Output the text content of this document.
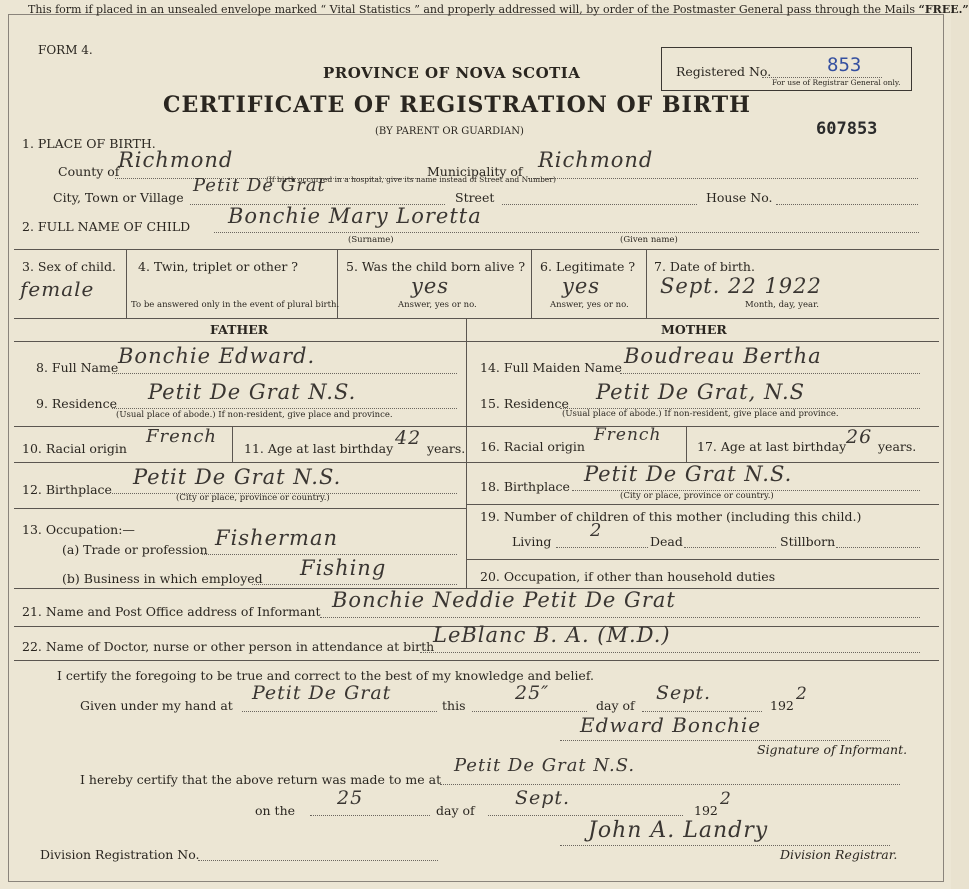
This form if placed in an unsealed envelope marked “ Vital Statistics ” and properly addressed will, by order of the Postmaster General pass through the Mails “FREE.”
FORM 4.
PROVINCE OF NOVA SCOTIA
CERTIFICATE OF REGISTRATION OF BIRTH
(BY PARENT OR GUARDIAN)
Registered No.	853
For use of Registrar General only.
607853
1. PLACE OF BIRTH.
County of
Richmond	Municipality of Richmond
City, Town or Village
Petit De Grat
(If birth occurred in a hospital, give its name instead of Street and Number)
Street	House No.
2. FULL NAME OF CHILD Bonchie Mary Loretta
(Surname)	(Given name)
3. Sex of child.
female
4. Twin, triplet or other ?
To be answered only in the event of plural birth.
5. Was the child born alive ?
yes
Answer, yes or no.
6. Legitimate ?
yes
Answer, yes or no.
7. Date of birth.
Sept. 22 1922
Month, day, year.
FATHER	MOTHER
8. Full Name Bonchie Edward.
9. Residence Petit De Grat N.S.
(Usual place of abode.) If non-resident, give place and province.
10. Racial origin
French
11. Age at last birthday 42 years.
12. Birthplace
Petit De Grat N.S.
(City or place, province or country.)
13. Occupation:—
(a) Trade or profession Fisherman
(b) Business in which employed Fishing
14. Full Maiden Name Boudreau Bertha
15. Residence Petit De Grat, N.S
(Usual place of abode.) If non-resident, give place and province.
16. Racial origin
French
17. Age at last birthday 26 years.
18. Birthplace
Petit De Grat N.S.
(City or place, province or country.)
19. Number of children of this mother (including this child.)
Living
2
Dead	Stillborn
20. Occupation, if other than household duties
21. Name and Post Office address of Informant Bonchie Neddie Petit De Grat
22. Name of Doctor, nurse or other person in attendance at birth
LeBlanc B. A. (M.D.)
I certify the foregoing to be true and correct to the best of my knowledge and belief.
Given under my hand at
Petit De Grat
this
25″
day of
Sept.
192
2
Edward Bonchie
Signature of Informant.
I hereby certify that the above return was made to me at
Petit De Grat N.S.
on the
25
day of
Sept.
192
2
Division Registration No.
John A. Landry
Division Registrar.
